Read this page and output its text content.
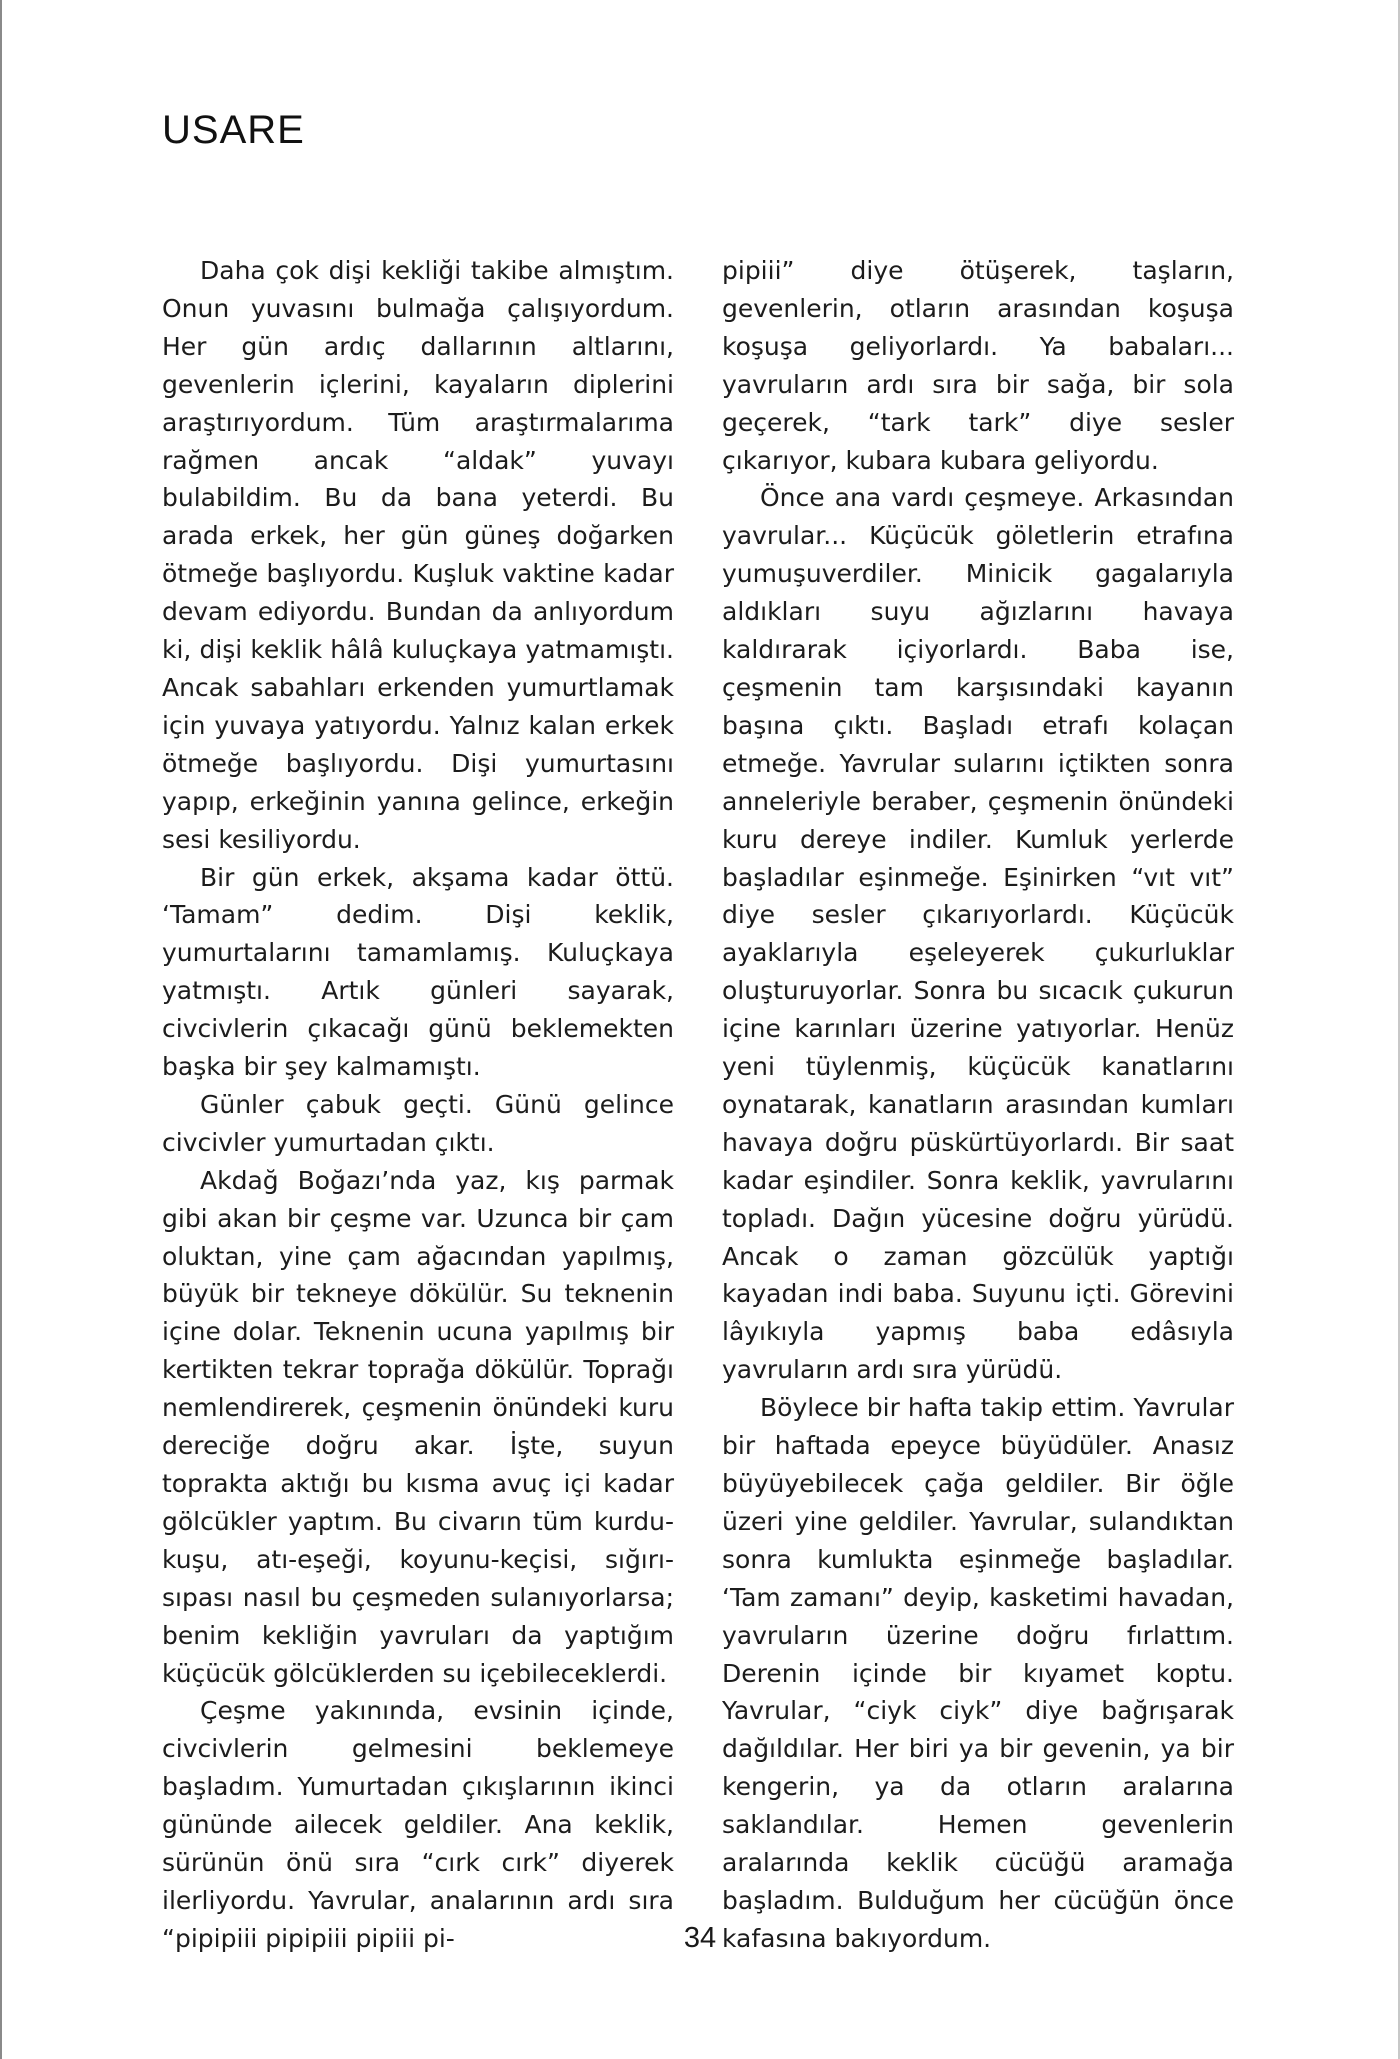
USARE

Daha çok dişi kekliği takibe almıştım. Onun yuvasını bulmağa çalışıyordum. Her gün ardıç dallarının altlarını, gevenlerin içlerini, kayaların diplerini araştırıyordum. Tüm araştırmalarıma rağmen ancak “aldak” yuvayı bulabildim. Bu da bana yeterdi. Bu arada erkek, her gün güneş doğarken ötmeğe başlıyordu. Kuşluk vaktine kadar devam ediyordu. Bundan da anlıyordum ki, dişi keklik hâlâ kuluçkaya yatmamıştı. Ancak sabahları erkenden yumurtlamak için yuvaya yatıyordu. Yalnız kalan erkek ötmeğe başlıyordu. Dişi yumurtasını yapıp, erkeğinin yanına gelince, erkeğin sesi kesiliyordu.

Bir gün erkek, akşama kadar öttü. ‘Tamam” dedim. Dişi keklik, yumurtalarını tamamlamış. Kuluçkaya yatmıştı. Artık günleri sayarak, civcivlerin çıkacağı günü beklemekten başka bir şey kalmamıştı.

Günler çabuk geçti. Günü gelince civcivler yumurtadan çıktı.

Akdağ Boğazı’nda yaz, kış parmak gibi akan bir çeşme var. Uzunca bir çam oluktan, yine çam ağacından yapılmış, büyük bir tekneye dökülür. Su teknenin içine dolar. Teknenin ucuna yapılmış bir kertikten tekrar toprağa dökülür. Toprağı nemlendirerek, çeşmenin önündeki kuru dereciğe doğru akar. İşte, suyun toprakta aktığı bu kısma avuç içi kadar gölcükler yaptım. Bu civarın tüm kurdu-kuşu, atı-eşeği, koyunu-keçisi, sığırı-sıpası nasıl bu çeşmeden sulanıyorlarsa; benim kekliğin yavruları da yaptığım küçücük gölcüklerden su içebileceklerdi.

Çeşme yakınında, evsinin içinde, civcivlerin gelmesini beklemeye başladım. Yumurtadan çıkışlarının ikinci gününde ailecek geldiler. Ana keklik, sürünün önü sıra “cırk cırk” diyerek ilerliyordu. Yavrular, analarının ardı sıra “pipipiii pipipiii pipiii pi-

pipiii” diye ötüşerek, taşların, gevenlerin, otların arasından koşuşa koşuşa geliyorlardı. Ya babaları... yavruların ardı sıra bir sağa, bir sola geçerek, “tark tark” diye sesler çıkarıyor, kubara kubara geliyordu.

Önce ana vardı çeşmeye. Arkasından yavrular... Küçücük göletlerin etrafına yumuşuverdiler. Minicik gagalarıyla aldıkları suyu ağızlarını havaya kaldırarak içiyorlardı. Baba ise, çeşmenin tam karşısındaki kayanın başına çıktı. Başladı etrafı kolaçan etmeğe. Yavrular sularını içtikten sonra anneleriyle beraber, çeşmenin önündeki kuru dereye indiler. Kumluk yerlerde başladılar eşinmeğe. Eşinirken “vıt vıt” diye sesler çıkarıyorlardı. Küçücük ayaklarıyla eşeleyerek çukurluklar oluşturuyorlar. Sonra bu sıcacık çukurun içine karınları üzerine yatıyorlar. Henüz yeni tüylenmiş, küçücük kanatlarını oynatarak, kanatların arasından kumları havaya doğru püskürtüyorlardı. Bir saat kadar eşindiler. Sonra keklik, yavrularını topladı. Dağın yücesine doğru yürüdü. Ancak o zaman gözcülük yaptığı kayadan indi baba. Suyunu içti. Görevini lâyıkıyla yapmış baba edâsıyla yavruların ardı sıra yürüdü.

Böylece bir hafta takip ettim. Yavrular bir haftada epeyce büyüdüler. Anasız büyüyebilecek çağa geldiler. Bir öğle üzeri yine geldiler. Yavrular, sulandıktan sonra kumlukta eşinmeğe başladılar. ‘Tam zamanı” deyip, kasketimi havadan, yavruların üzerine doğru fırlattım. Derenin içinde bir kıyamet koptu. Yavrular, “ciyk ciyk” diye bağrışarak dağıldılar. Her biri ya bir gevenin, ya bir kengerin, ya da otların aralarına saklandılar. Hemen gevenlerin aralarında keklik cücüğü aramağa başladım. Bulduğum her cücüğün önce kafasına bakıyordum.

34
